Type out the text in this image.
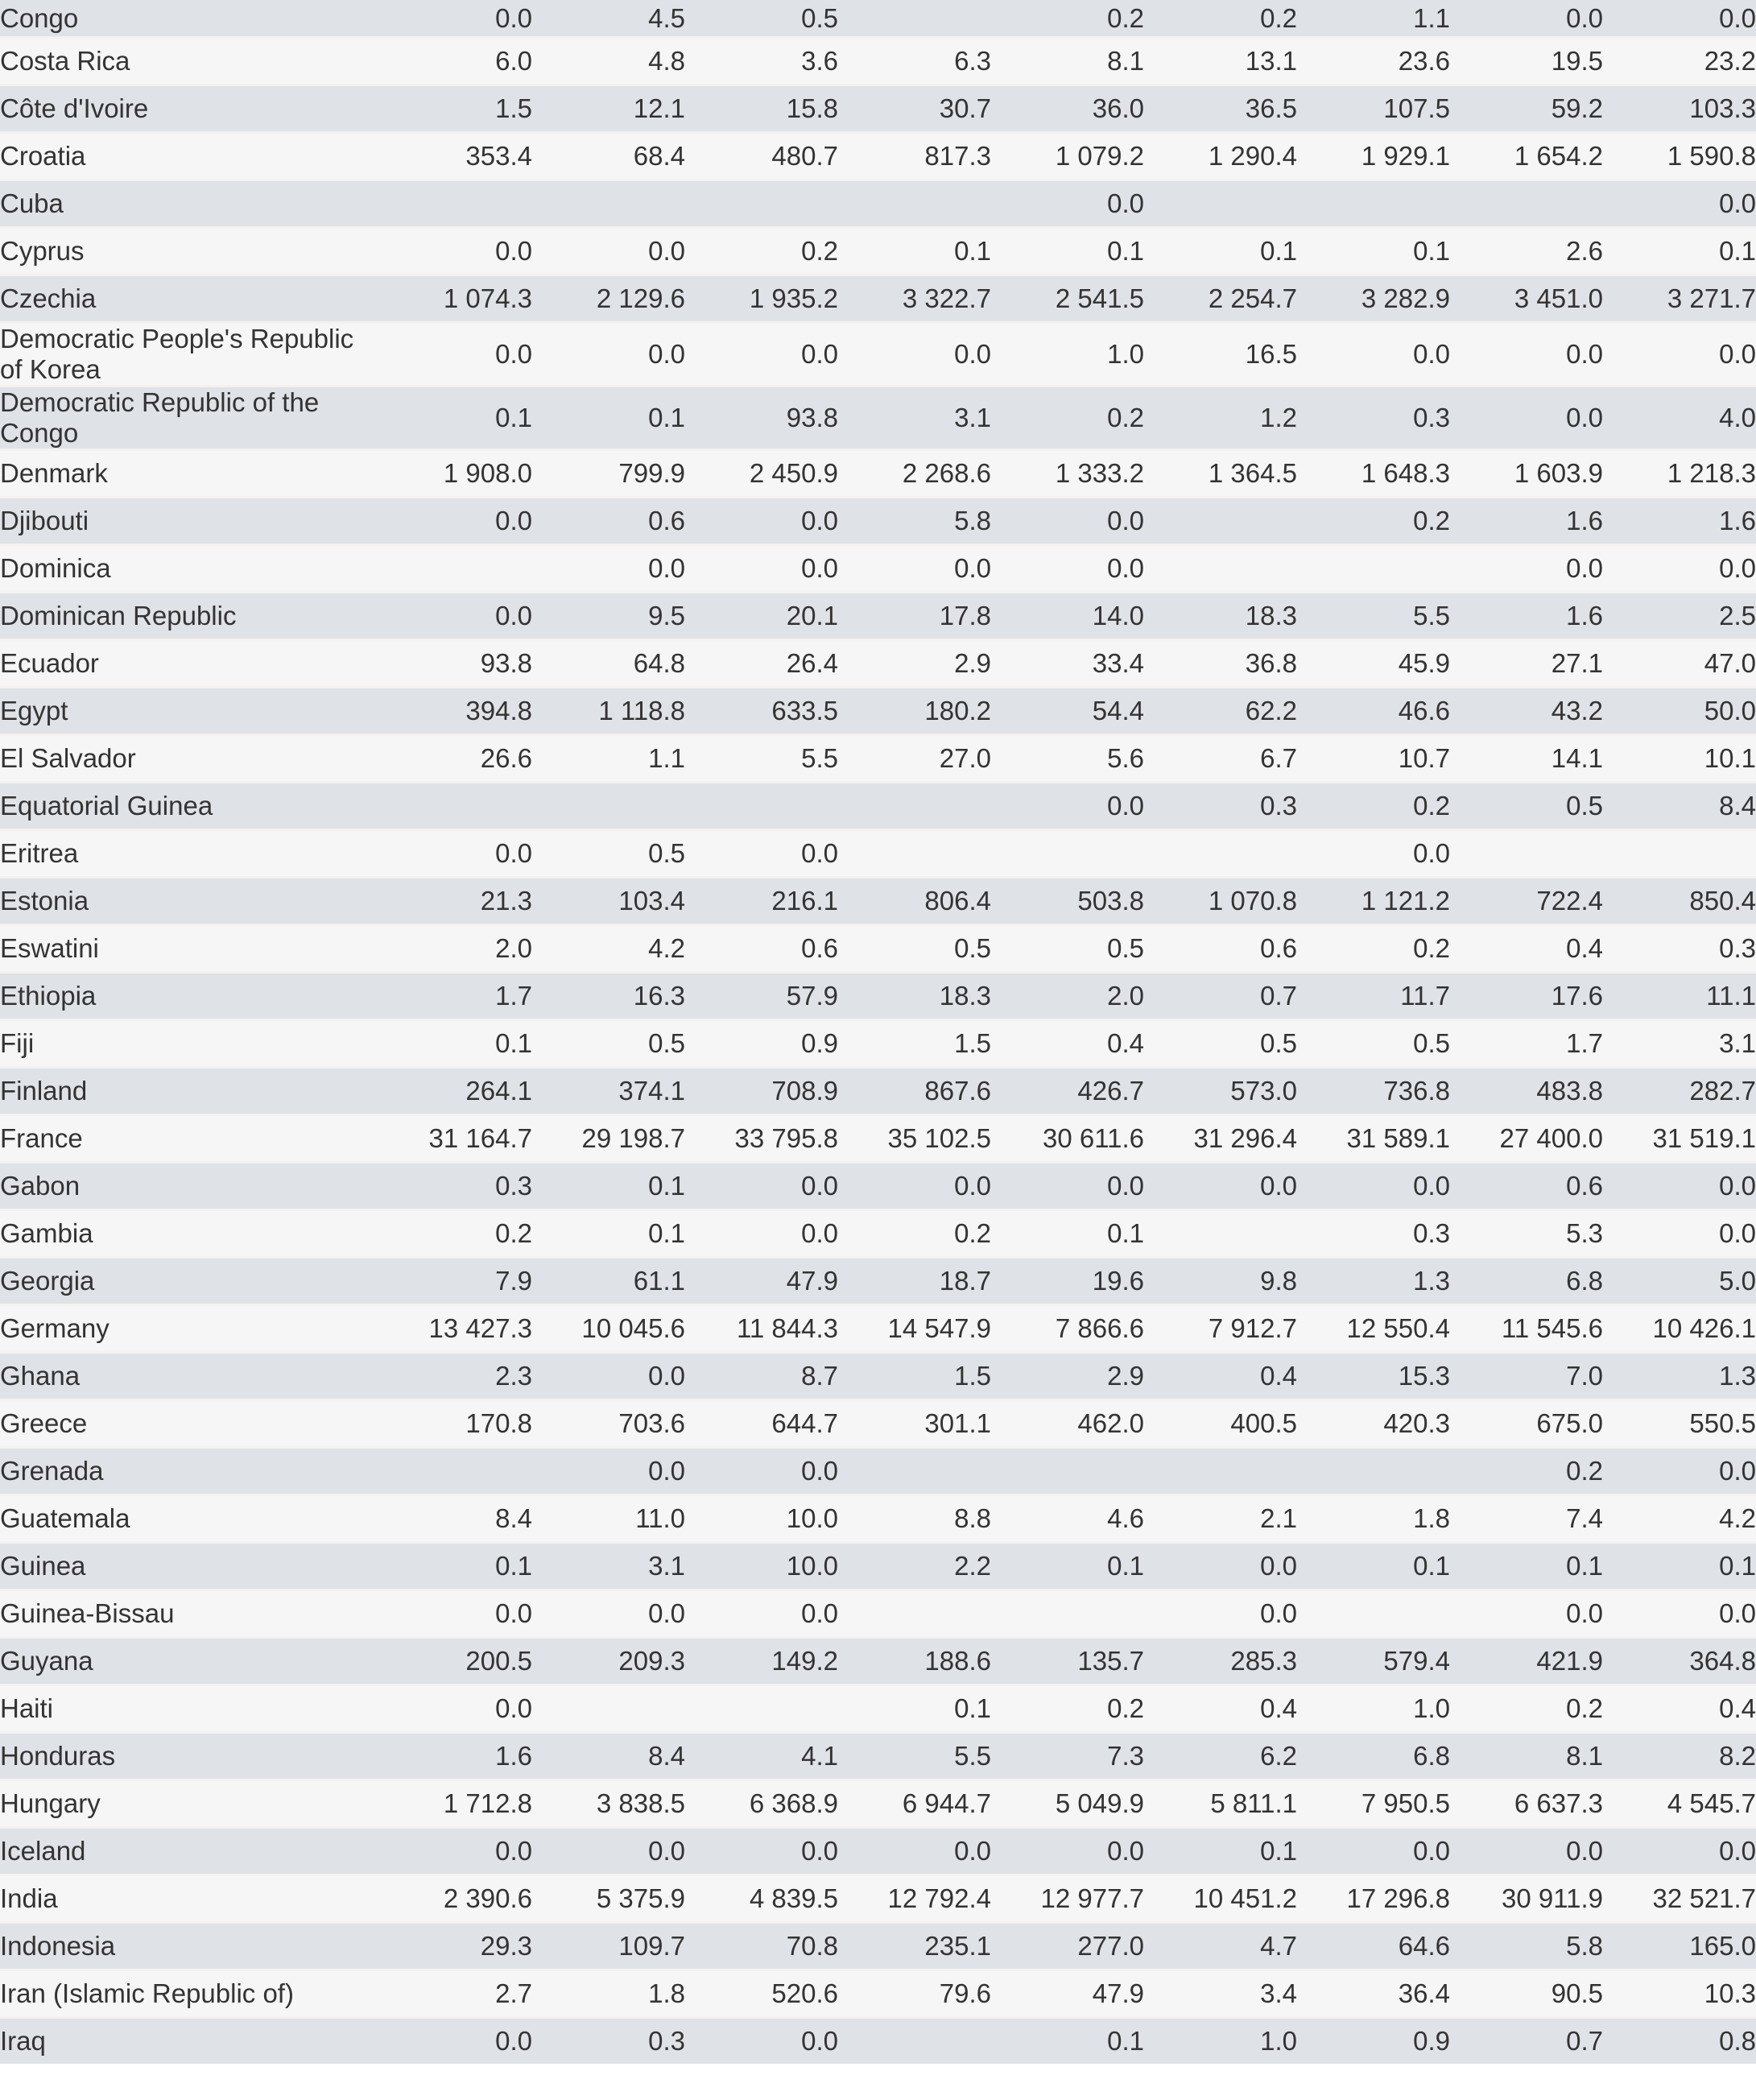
Congo	0.0	4.5	0.5		0.2	0.2	1.1	0.0	0.0
Costa Rica	6.0	4.8	3.6	6.3	8.1	13.1	23.6	19.5	23.2
Côte d'Ivoire	1.5	12.1	15.8	30.7	36.0	36.5	107.5	59.2	103.3
Croatia	353.4	68.4	480.7	817.3	1 079.2	1 290.4	1 929.1	1 654.2	1 590.8
Cuba					0.0				0.0
Cyprus	0.0	0.0	0.2	0.1	0.1	0.1	0.1	2.6	0.1
Czechia	1 074.3	2 129.6	1 935.2	3 322.7	2 541.5	2 254.7	3 282.9	3 451.0	3 271.7
Democratic People's Republic of Korea	0.0	0.0	0.0	0.0	1.0	16.5	0.0	0.0	0.0
Democratic Republic of the Congo	0.1	0.1	93.8	3.1	0.2	1.2	0.3	0.0	4.0
Denmark	1 908.0	799.9	2 450.9	2 268.6	1 333.2	1 364.5	1 648.3	1 603.9	1 218.3
Djibouti	0.0	0.6	0.0	5.8	0.0		0.2	1.6	1.6
Dominica		0.0	0.0	0.0	0.0			0.0	0.0
Dominican Republic	0.0	9.5	20.1	17.8	14.0	18.3	5.5	1.6	2.5
Ecuador	93.8	64.8	26.4	2.9	33.4	36.8	45.9	27.1	47.0
Egypt	394.8	1 118.8	633.5	180.2	54.4	62.2	46.6	43.2	50.0
El Salvador	26.6	1.1	5.5	27.0	5.6	6.7	10.7	14.1	10.1
Equatorial Guinea					0.0	0.3	0.2	0.5	8.4
Eritrea	0.0	0.5	0.0				0.0		
Estonia	21.3	103.4	216.1	806.4	503.8	1 070.8	1 121.2	722.4	850.4
Eswatini	2.0	4.2	0.6	0.5	0.5	0.6	0.2	0.4	0.3
Ethiopia	1.7	16.3	57.9	18.3	2.0	0.7	11.7	17.6	11.1
Fiji	0.1	0.5	0.9	1.5	0.4	0.5	0.5	1.7	3.1
Finland	264.1	374.1	708.9	867.6	426.7	573.0	736.8	483.8	282.7
France	31 164.7	29 198.7	33 795.8	35 102.5	30 611.6	31 296.4	31 589.1	27 400.0	31 519.1
Gabon	0.3	0.1	0.0	0.0	0.0	0.0	0.0	0.6	0.0
Gambia	0.2	0.1	0.0	0.2	0.1		0.3	5.3	0.0
Georgia	7.9	61.1	47.9	18.7	19.6	9.8	1.3	6.8	5.0
Germany	13 427.3	10 045.6	11 844.3	14 547.9	7 866.6	7 912.7	12 550.4	11 545.6	10 426.1
Ghana	2.3	0.0	8.7	1.5	2.9	0.4	15.3	7.0	1.3
Greece	170.8	703.6	644.7	301.1	462.0	400.5	420.3	675.0	550.5
Grenada		0.0	0.0					0.2	0.0
Guatemala	8.4	11.0	10.0	8.8	4.6	2.1	1.8	7.4	4.2
Guinea	0.1	3.1	10.0	2.2	0.1	0.0	0.1	0.1	0.1
Guinea-Bissau	0.0	0.0	0.0			0.0		0.0	0.0
Guyana	200.5	209.3	149.2	188.6	135.7	285.3	579.4	421.9	364.8
Haiti	0.0			0.1	0.2	0.4	1.0	0.2	0.4
Honduras	1.6	8.4	4.1	5.5	7.3	6.2	6.8	8.1	8.2
Hungary	1 712.8	3 838.5	6 368.9	6 944.7	5 049.9	5 811.1	7 950.5	6 637.3	4 545.7
Iceland	0.0	0.0	0.0	0.0	0.0	0.1	0.0	0.0	0.0
India	2 390.6	5 375.9	4 839.5	12 792.4	12 977.7	10 451.2	17 296.8	30 911.9	32 521.7
Indonesia	29.3	109.7	70.8	235.1	277.0	4.7	64.6	5.8	165.0
Iran (Islamic Republic of)	2.7	1.8	520.6	79.6	47.9	3.4	36.4	90.5	10.3
Iraq	0.0	0.3	0.0		0.1	1.0	0.9	0.7	0.8
